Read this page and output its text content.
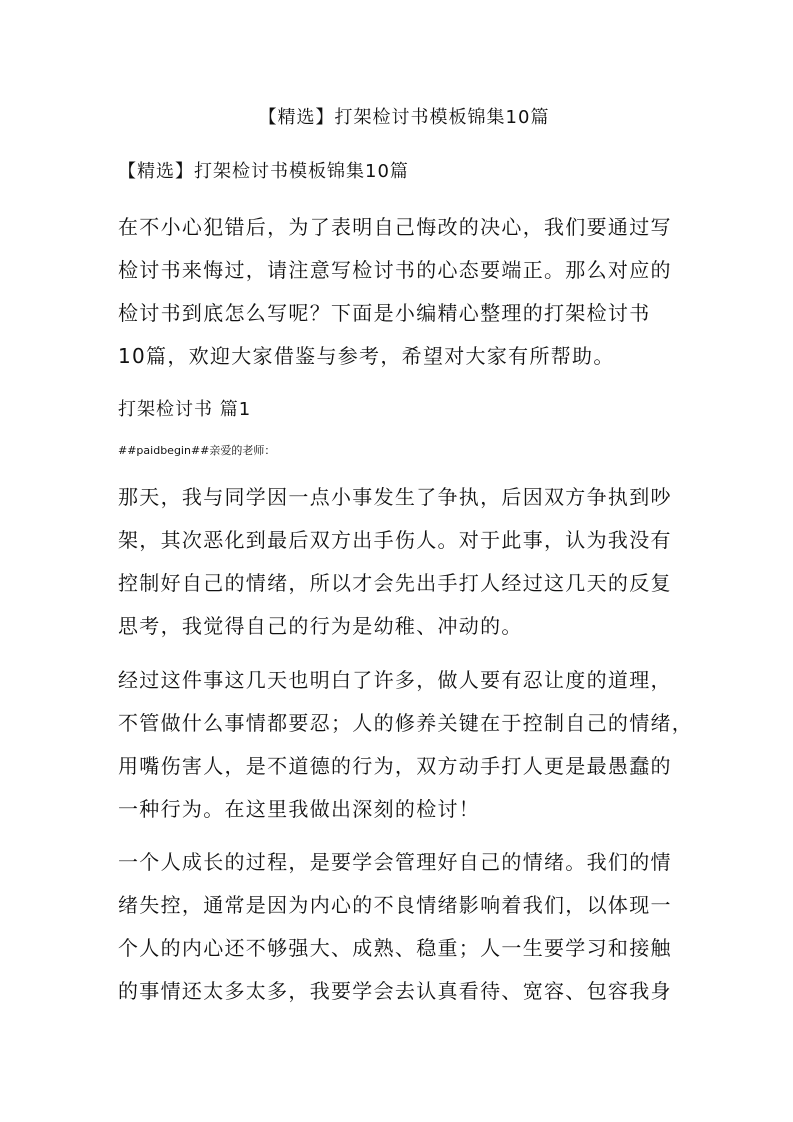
【精选】打架检讨书模板锦集10篇
【精选】打架检讨书模板锦集10篇
在不小心犯错后，为了表明自己悔改的决心，我们要通过写
检讨书来悔过，请注意写检讨书的心态要端正。那么对应的
检讨书到底怎么写呢？下面是小编精心整理的打架检讨书
10篇，欢迎大家借鉴与参考，希望对大家有所帮助。
打架检讨书 篇1
##paidbegin##亲爱的老师：
那天，我与同学因一点小事发生了争执，后因双方争执到吵
架，其次恶化到最后双方出手伤人。对于此事，认为我没有
控制好自己的情绪，所以才会先出手打人经过这几天的反复
思考，我觉得自己的行为是幼稚、冲动的。
经过这件事这几天也明白了许多，做人要有忍让度的道理，
不管做什么事情都要忍；人的修养关键在于控制自己的情绪，
用嘴伤害人，是不道德的行为，双方动手打人更是最愚蠢的
一种行为。在这里我做出深刻的检讨！
一个人成长的过程，是要学会管理好自己的情绪。我们的情
绪失控，通常是因为内心的不良情绪影响着我们，以体现一
个人的内心还不够强大、成熟、稳重；人一生要学习和接触
的事情还太多太多，我要学会去认真看待、宽容、包容我身
